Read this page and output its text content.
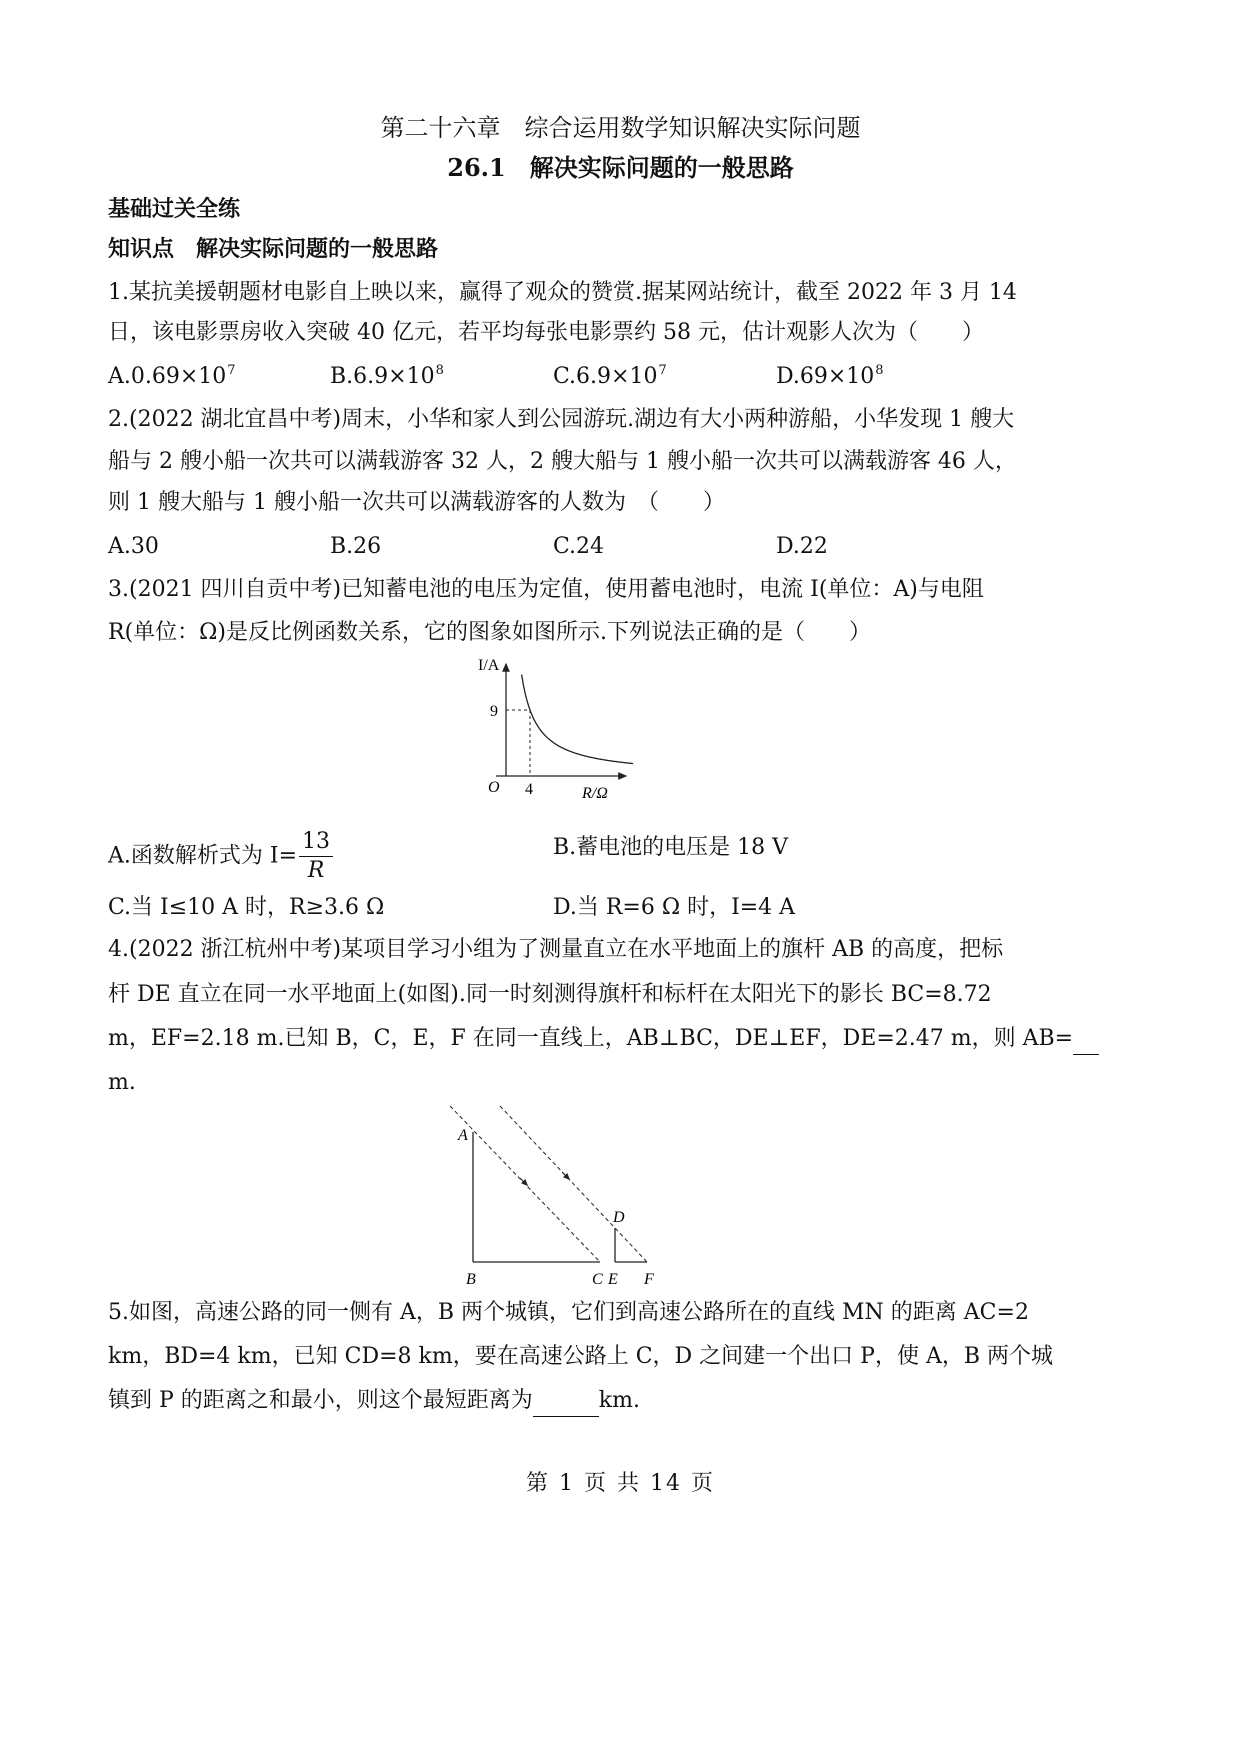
第二十六章　综合运用数学知识解决实际问题
26.1　解决实际问题的一般思路
基础过关全练
知识点　解决实际问题的一般思路
1.某抗美援朝题材电影自上映以来，赢得了观众的赞赏.据某网站统计，截至 2022 年 3 月 14
日，该电影票房收入突破 40 亿元，若平均每张电影票约 58 元，估计观影人次为（　　）
$A.0.69\times 10^7$	$B.6.9\times 10^8$	$C.6.9\times 10^7$	$D.69\times 10^8$
2.(2022 湖北宜昌中考)周末，小华和家人到公园游玩.湖边有大小两种游船，小华发现 1 艘大
船与 2 艘小船一次共可以满载游客 32 人，2 艘大船与 1 艘小船一次共可以满载游客 46 人，
则 1 艘大船与 1 艘小船一次共可以满载游客的人数为　（　　）
A.30	B.26	C.24	D.22
3.(2021 四川自贡中考)已知蓄电池的电压为定值，使用蓄电池时，电流 I(单位：A)与电阻
R(单位：Ω)是反比例函数关系，它的图象如图所示.下列说法正确的是（　　）
I/A
R/Ω
O
9
4
A.函数解析式为 $I= \frac{13}{R}$	B.蓄电池的电压是 18 V
C.当 I≤10 A 时，R≥3.6 Ω	D.当 R=6 Ω 时，I=4 A
4.(2022 浙江杭州中考)某项目学习小组为了测量直立在水平地面上的旗杆 AB 的高度，把标
杆 DE 直立在同一水平地面上(如图).同一时刻测得旗杆和标杆在太阳光下的影长 BC=8.72
m，EF=2.18 m.已知 B，C，E，F 在同一直线上，AB⊥BC，DE⊥EF，DE=2.47 m，则 AB=
m.
A
B	C
D
E F
5.如图，高速公路的同一侧有 A，B 两个城镇，它们到高速公路所在的直线 MN 的距离 AC=2
km，BD=4 km，已知 CD=8 km，要在高速公路上 C，D 之间建一个出口 P，使 A，B 两个城
镇到 P 的距离之和最小，则这个最短距离为	km.
第 1 页 共 14 页
